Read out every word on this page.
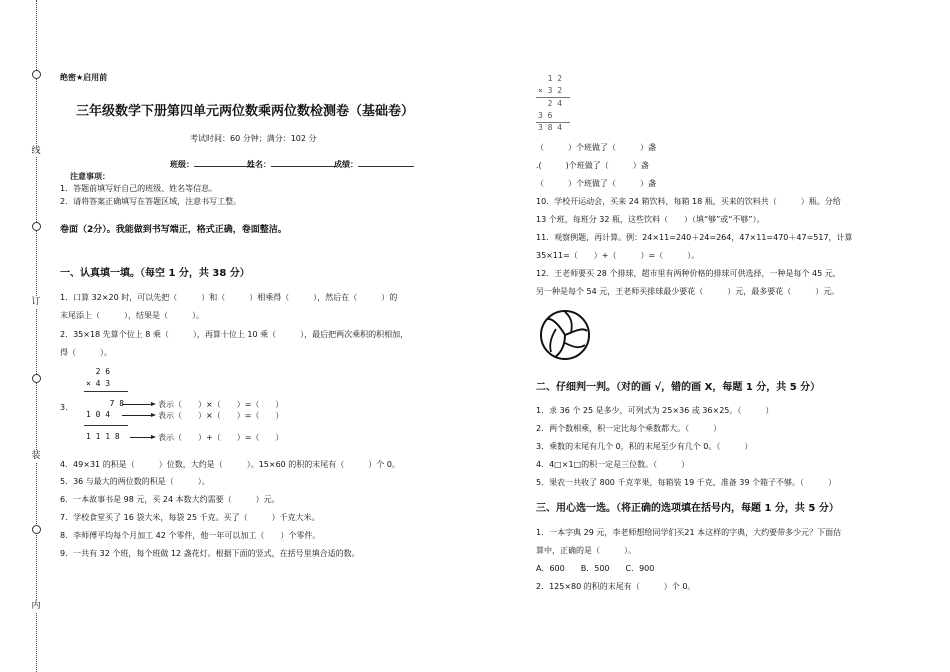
线
订
装
内
绝密★启用前
三年级数学下册第四单元两位数乘两位数检测卷（基础卷）
考试时间：60 分钟；满分：102 分
班级：	姓名：	成绩：
注意事项：
1．答题前填写好自己的班级、姓名等信息。
2．请将答案正确填写在答题区域，注意书写工整。
卷面（2分）。我能做到书写端正，格式正确，卷面整洁。
一、认真填一填。（每空 1 分，共 38 分）
1．口算 32×20 时，可以先把（　　　）和（　　　）相乘得（　　　），然后在（　　　）的
末尾添上（　　　），结果是（　　　）。
2．35×18 先算个位上 8 乘（　　　），再算十位上 10 乘（　　　），最后把两次乘积的积相加，
得（　　　）。
3.
2 6
× 4 3
7 8
1 0 4
1 1 1 8
表示（　　）×（　　）=（　　）
表示（　　）×（　　）=（　　）
表示（　　）+（　　）=（　　）
4．49×31 的积是（　　　）位数，大约是（　　　）。15×60 的积的末尾有（　　　）个 0。
5．36 与最大的两位数的积是（　　　）。
6．一本故事书是 98 元，买 24 本数大约需要（　　　）元。
7．学校食堂买了 16 袋大米，每袋 25 千克。买了（　　　）千克大米。
8．李师傅平均每个月加工 42 个零件，他一年可以加工（　　）个零件。
9．一共有 32 个班，每个班做 12 盏花灯。根据下面的竖式，在括号里填合适的数。
1 2
× 3 2
2 4
3 6
3 8 4
（　　　）个班做了（　　　）盏
.(　　　)个班做了（　　　）盏
（　　　）个班做了（　　　）盏
10．学校开运动会，买来 24 箱饮料，每箱 18 瓶，买来的饮料共（　　　）瓶。分给
13 个班，每班分 32 瓶，这些饮料（　　）（填“够”或“不够”）。
11．观察例题，再计算。例：24×11=240＋24=264，47×11=470＋47=517，计算
35×11=（　　）+（　　　）=（　　　）。
12．王老师要买 28 个排球，超市里有两种价格的排球可供选择，一种是每个 45 元，
另一种是每个 54 元，王老师买排球最少要花（　　　）元，最多要花（　　　）元。
二、仔细判一判。（对的画 √，错的画 X，每题 1 分，共 5 分）
1．求 36 个 25 是多少，可列式为 25×36 或 36×25。（　　　）
2．两个数相乘，积一定比每个乘数都大。（　　　）
3．乘数的末尾有几个 0，积的末尾至少有几个 0。（　　　）
4．4□×1□的积一定是三位数。（　　　）
5．果农一共收了 800 千克苹果，每箱装 19 千克，准备 39 个箱子不够。（　　　）
三、用心选一选。（将正确的选项填在括号内，每题 1 分，共 5 分）
1．一本字典 29 元，李老师想给同学们买21 本这样的字典，大约要带多少元？下面估
算中，正确的是（　　　）。
A．600　　B．500　　C．900
2．125×80 的积的末尾有（　　　）个 0。
